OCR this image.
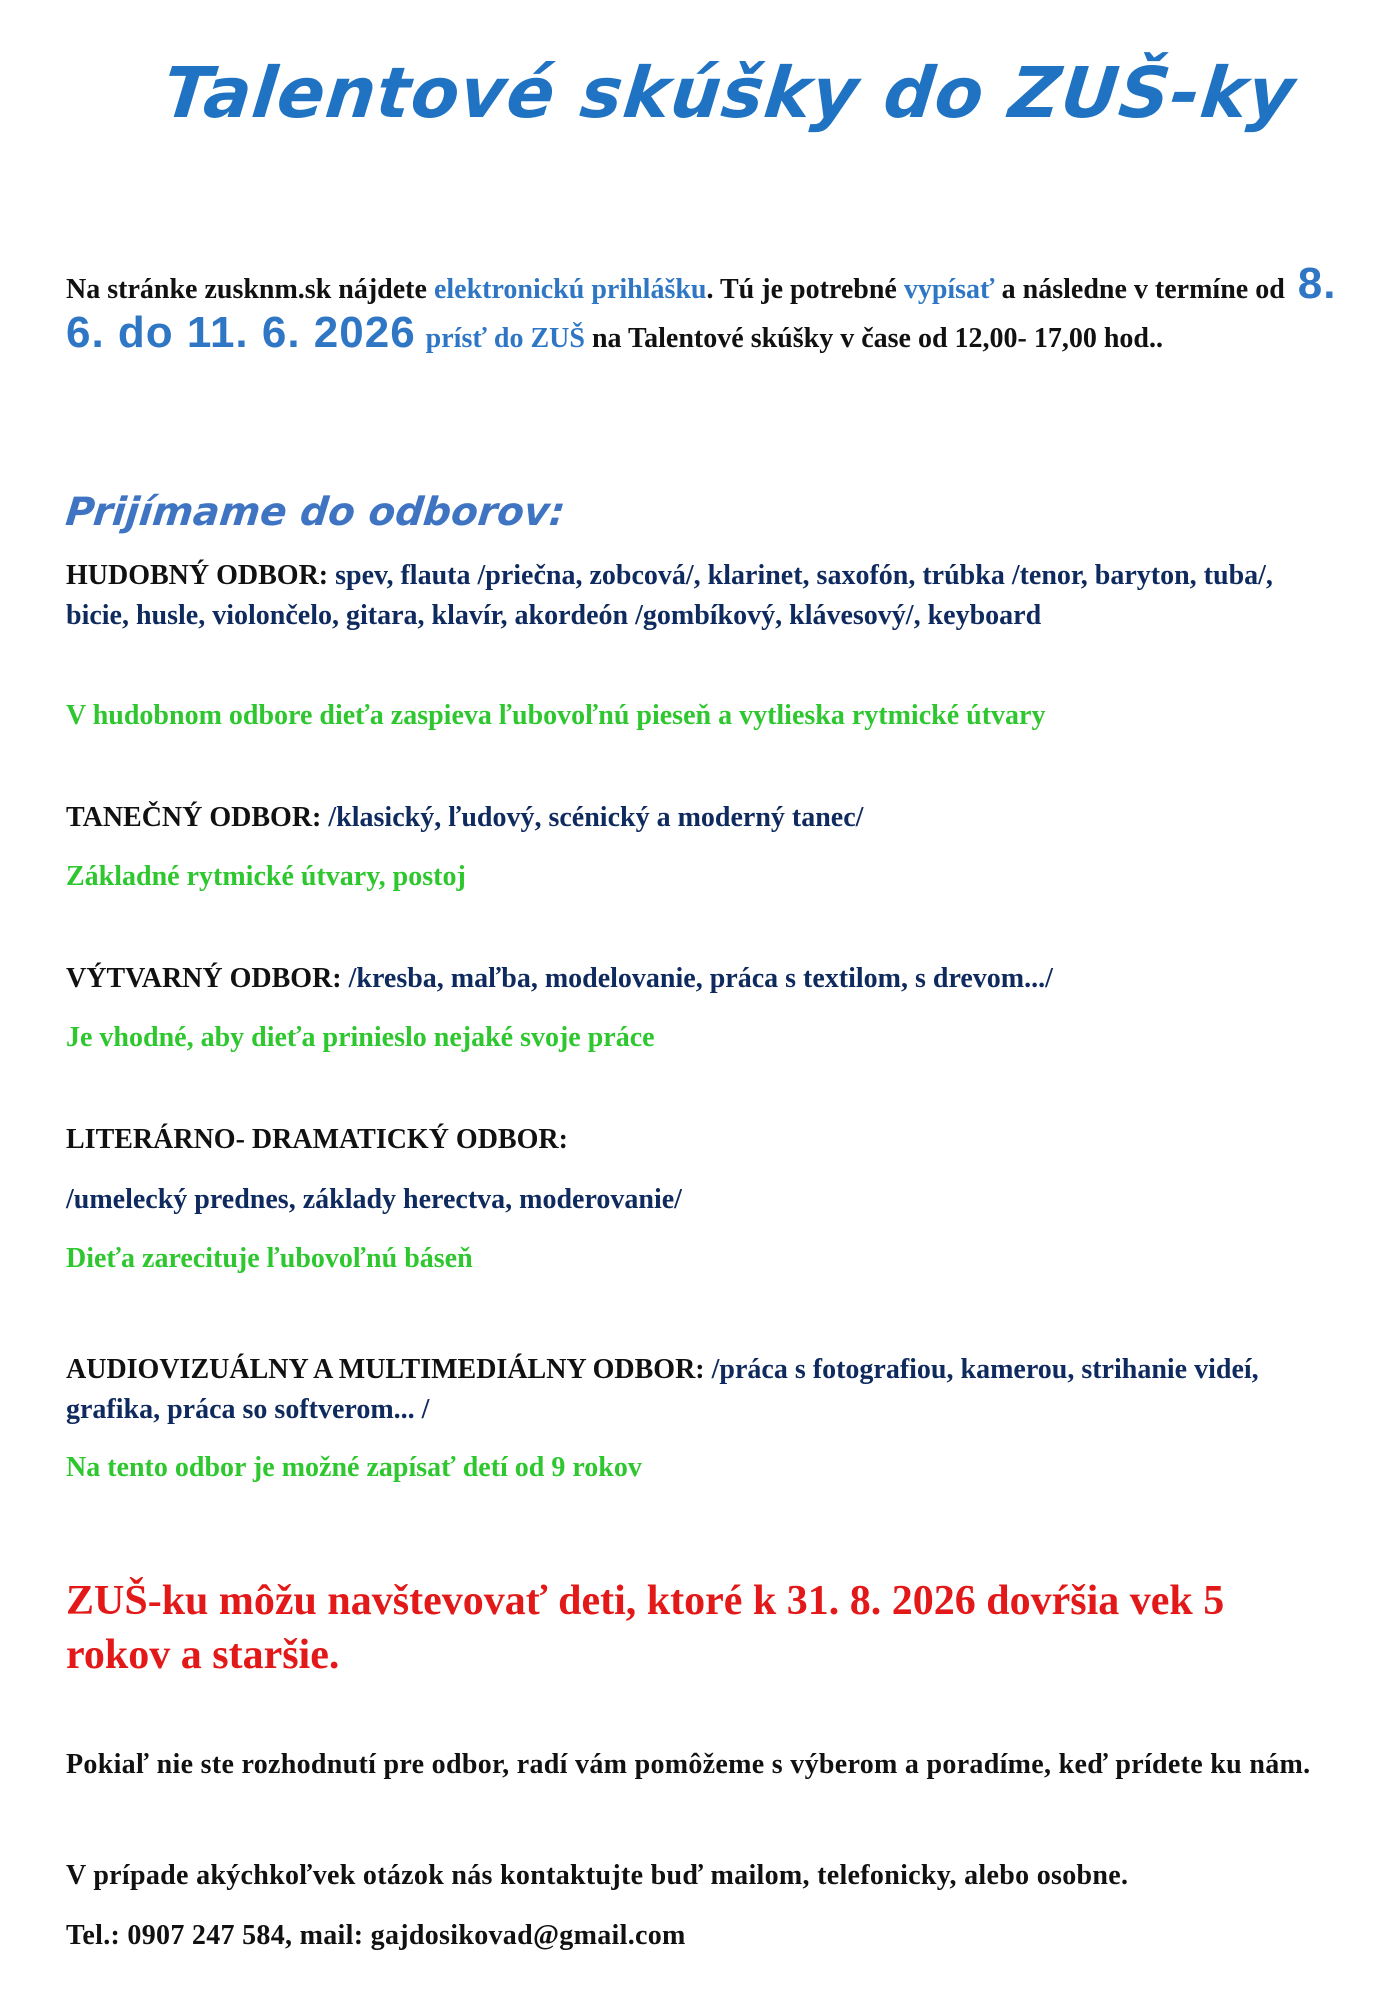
Talentové skúšky do ZUŠ-ky

Na stránke zusknm.sk nájdete elektronickú prihlášku. Tú je potrebné vypísať a následne v termíne od 8. 6. do 11. 6. 2026 prísť do ZUŠ na Talentové skúšky v čase od 12,00- 17,00 hod..

Prijímame do odborov:

HUDOBNÝ ODBOR: spev, flauta /priečna, zobcová/, klarinet, saxofón, trúbka /tenor, baryton, tuba/, bicie, husle, violončelo, gitara, klavír, akordeón /gombíkový, klávesový/, keyboard

V hudobnom odbore dieťa zaspieva ľubovoľnú pieseň a vytlieska rytmické útvary

TANEČNÝ ODBOR: /klasický, ľudový, scénický a moderný tanec/

Základné rytmické útvary, postoj

VÝTVARNÝ ODBOR: /kresba, maľba, modelovanie, práca s textilom, s drevom.../

Je vhodné, aby dieťa prinieslo nejaké svoje práce

LITERÁRNO- DRAMATICKÝ ODBOR:

/umelecký prednes, základy herectva, moderovanie/

Dieťa zarecituje ľubovoľnú báseň

AUDIOVIZUÁLNY A MULTIMEDIÁLNY ODBOR: /práca s fotografiou, kamerou, strihanie videí, grafika, práca so softverom... /

Na tento odbor je možné zapísať detí od 9 rokov

ZUŠ-ku môžu navštevovať deti, ktoré k 31. 8. 2026 dovŕšia vek 5 rokov a staršie.

Pokiaľ nie ste rozhodnutí pre odbor, radí vám pomôžeme s výberom a poradíme, keď prídete ku nám.

V prípade akýchkoľvek otázok nás kontaktujte buď mailom, telefonicky, alebo osobne.

Tel.: 0907 247 584, mail: gajdosikovad@gmail.com
